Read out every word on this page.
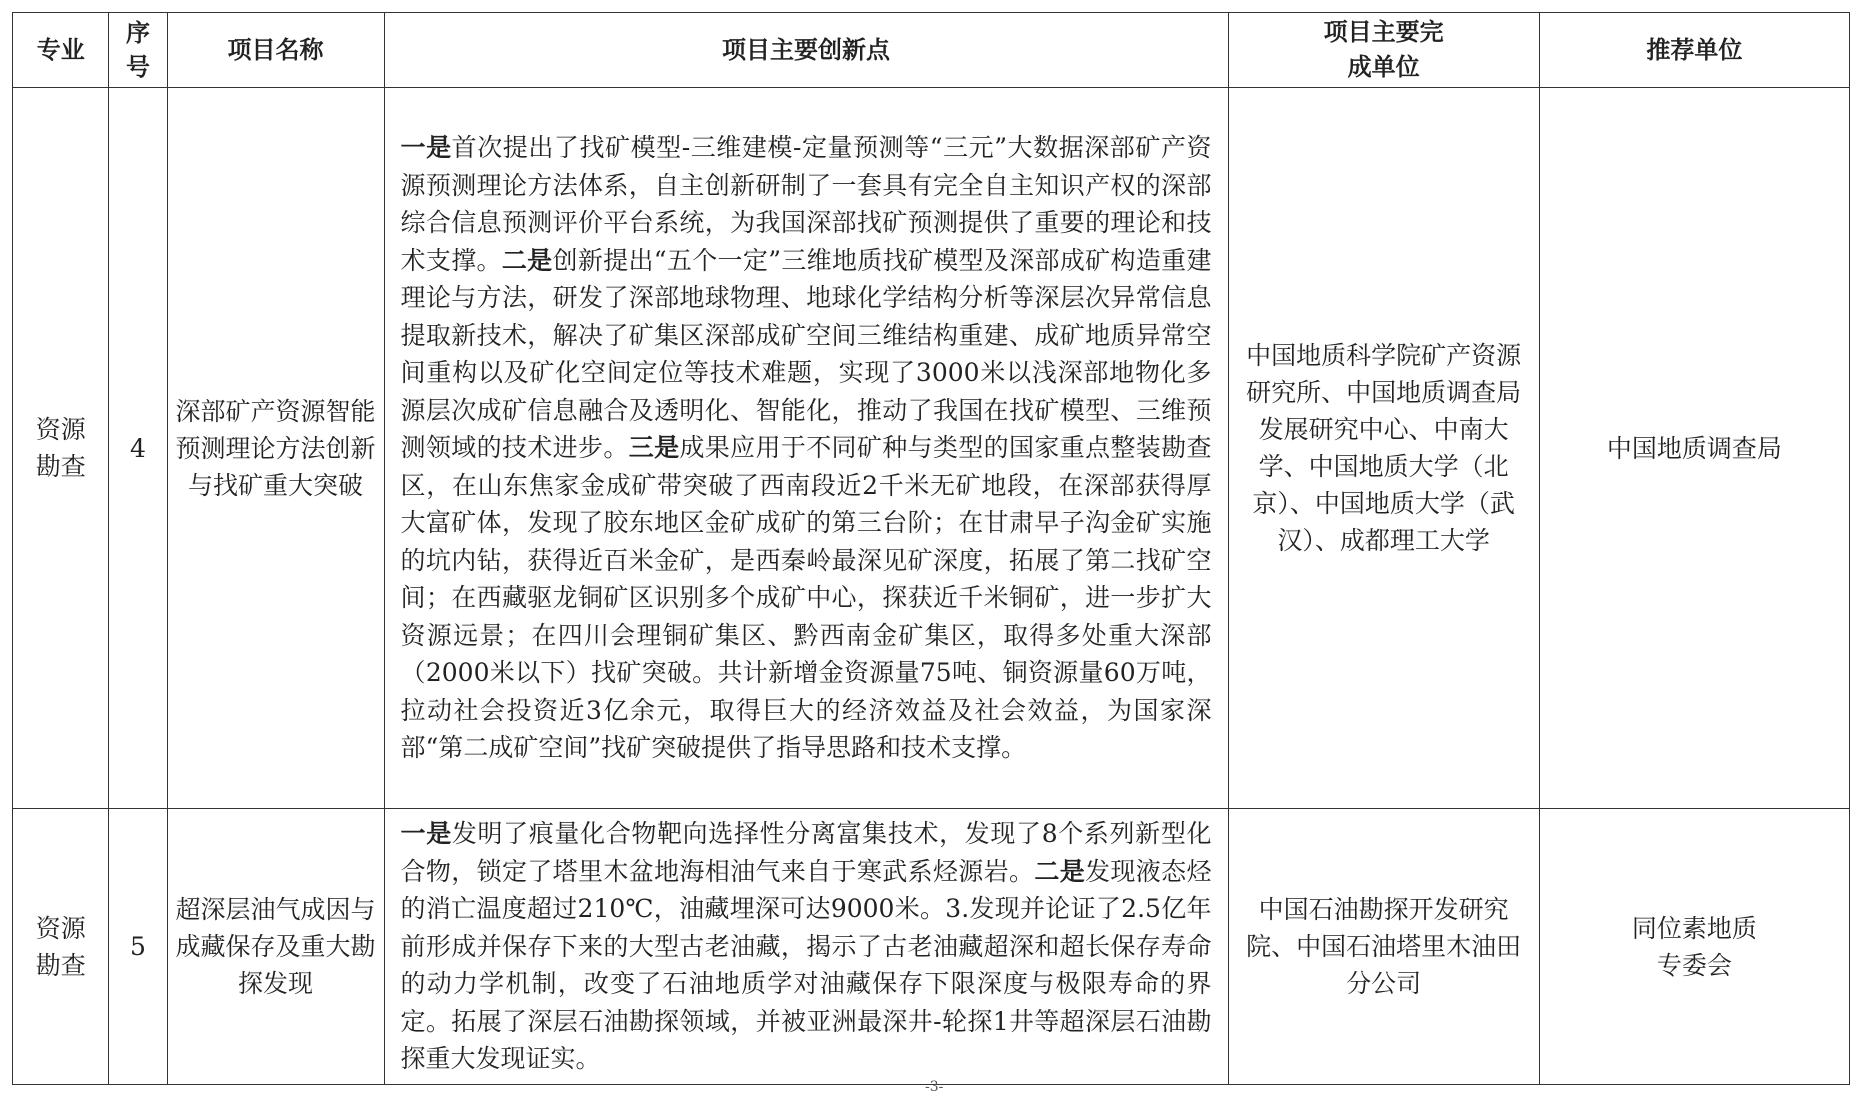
专业	序号	项目名称	项目主要创新点	项目主要完成单位	推荐单位

资源勘查	4	深部矿产资源智能预测理论方法创新与找矿重大突破	一是首次提出了找矿模型-三维建模-定量预测等“三元”大数据深部矿产资源预测理论方法体系，自主创新研制了一套具有完全自主知识产权的深部综合信息预测评价平台系统，为我国深部找矿预测提供了重要的理论和技术支撑。二是创新提出“五个一定”三维地质找矿模型及深部成矿构造重建理论与方法，研发了深部地球物理、地球化学结构分析等深层次异常信息提取新技术，解决了矿集区深部成矿空间三维结构重建、成矿地质异常空间重构以及矿化空间定位等技术难题，实现了3000米以浅深部地物化多源层次成矿信息融合及透明化、智能化，推动了我国在找矿模型、三维预测领域的技术进步。三是成果应用于不同矿种与类型的国家重点整装勘查区，在山东焦家金成矿带突破了西南段近2千米无矿地段，在深部获得厚大富矿体，发现了胶东地区金矿成矿的第三台阶；在甘肃早子沟金矿实施的坑内钻，获得近百米金矿，是西秦岭最深见矿深度，拓展了第二找矿空间；在西藏驱龙铜矿区识别多个成矿中心，探获近千米铜矿，进一步扩大资源远景；在四川会理铜矿集区、黔西南金矿集区，取得多处重大深部（2000米以下）找矿突破。共计新增金资源量75吨、铜资源量60万吨，拉动社会投资近3亿余元，取得巨大的经济效益及社会效益，为国家深部“第二成矿空间”找矿突破提供了指导思路和技术支撑。	中国地质科学院矿产资源研究所、中国地质调查局发展研究中心、中南大学、中国地质大学（北京）、中国地质大学（武汉）、成都理工大学	中国地质调查局

资源勘查	5	超深层油气成因与成藏保存及重大勘探发现	一是发明了痕量化合物靶向选择性分离富集技术，发现了8个系列新型化合物，锁定了塔里木盆地海相油气来自于寒武系烃源岩。二是发现液态烃的消亡温度超过210℃，油藏埋深可达9000米。3.发现并论证了2.5亿年前形成并保存下来的大型古老油藏，揭示了古老油藏超深和超长保存寿命的动力学机制，改变了石油地质学对油藏保存下限深度与极限寿命的界定。拓展了深层石油勘探领域，并被亚洲最深井-轮探1井等超深层石油勘探重大发现证实。	中国石油勘探开发研究院、中国石油塔里木油田分公司	同位素地质专委会
-3-
